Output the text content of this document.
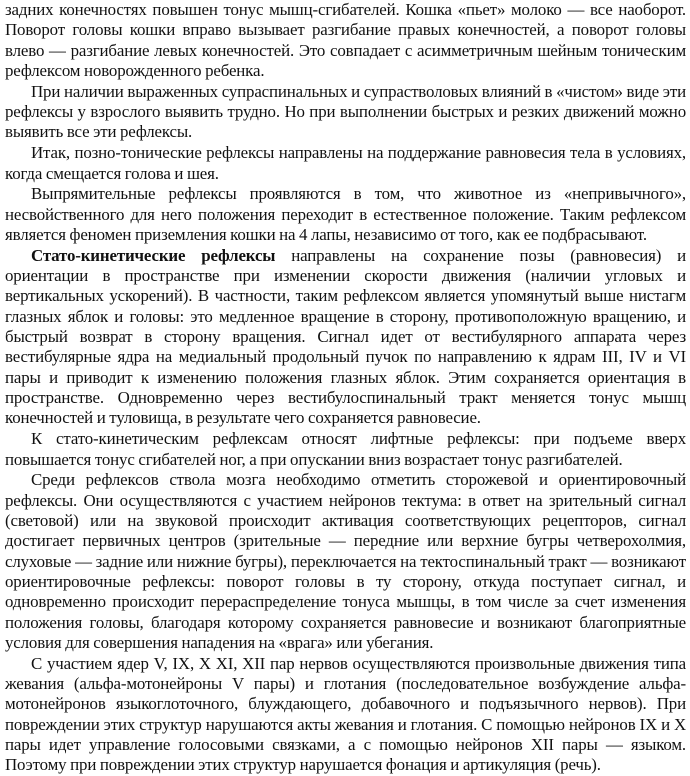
задних конечностях повышен тонус мышц-сгибателей. Кошка «пьет» молоко — все наоборот. Поворот головы кошки вправо вызывает разгибание правых конечностей, а поворот головы влево — разгибание левых конечностей. Это совпадает с асимметричным шейным тоническим рефлексом новорожденного ребенка.

При наличии выраженных супраспинальных и супрастволовых влияний в «чистом» виде эти рефлексы у взрослого выявить трудно. Но при выполнении быстрых и резких движений можно выявить все эти рефлексы.

Итак, позно-тонические рефлексы направлены на поддержание равновесия тела в условиях, когда смещается голова и шея.

Выпрямительные рефлексы проявляются в том, что животное из «непривычного», несвойственного для него положения переходит в естественное положение. Таким рефлексом является феномен приземления кошки на 4 лапы, независимо от того, как ее подбрасывают.

Стато-кинетические рефлексы направлены на сохранение позы (равновесия) и ориентации в пространстве при изменении скорости движения (наличии угловых и вертикальных ускорений). В частности, таким рефлексом является упомянутый выше нистагм глазных яблок и головы: это медленное вращение в сторону, противоположную вращению, и быстрый возврат в сторону вращения. Сигнал идет от вестибулярного аппарата через вестибулярные ядра на медиальный продольный пучок по направлению к ядрам III, IV и VI пары и приводит к изменению положения глазных яблок. Этим сохраняется ориентация в пространстве. Одновременно через вестибулоспинальный тракт меняется тонус мышц конечностей и туловища, в результате чего сохраняется равновесие.

К стато-кинетическим рефлексам относят лифтные рефлексы: при подъеме вверх повышается тонус сгибателей ног, а при опускании вниз возрастает тонус разгибателей.

Среди рефлексов ствола мозга необходимо отметить сторожевой и ориентировочный рефлексы. Они осуществляются с участием нейронов тектума: в ответ на зрительный сигнал (световой) или на звуковой происходит активация соответствующих рецепторов, сигнал достигает первичных центров (зрительные — передние или верхние бугры четверохолмия, слуховые — задние или нижние бугры), переключается на тектоспинальный тракт — возникают ориентировочные рефлексы: поворот головы в ту сторону, откуда поступает сигнал, и одновременно происходит перераспределение тонуса мышцы, в том числе за счет изменения положения головы, благодаря которому сохраняется равновесие и возникают благоприятные условия для совершения нападения на «врага» или убегания.

С участием ядер V, IX, X XI, XII пар нервов осуществляются произвольные движения типа жевания (альфа-мотонейроны V пары) и глотания (последовательное возбуждение альфа-мотонейронов языкоглоточного, блуждающего, добавочного и подъязычного нервов). При повреждении этих структур нарушаются акты жевания и глотания. С помощью нейронов IX и X пары идет управление голосовыми связками, а с помощью нейронов XII пары — языком. Поэтому при повреждении этих структур нарушается фонация и артикуляция (речь).
